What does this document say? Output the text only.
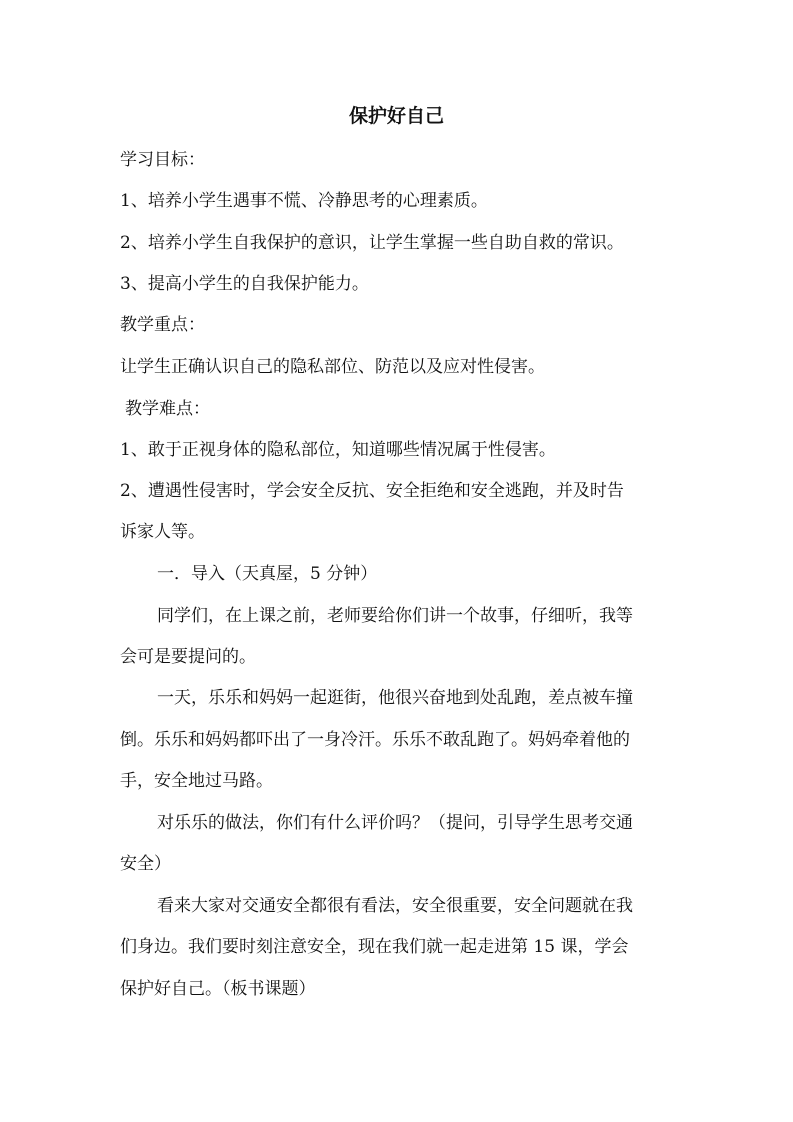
保护好自己

学习目标：

1、培养小学生遇事不慌、冷静思考的心理素质。

2、培养小学生自我保护的意识，让学生掌握一些自助自救的常识。

3、提高小学生的自我保护能力。

教学重点：

让学生正确认识自己的隐私部位、防范以及应对性侵害。

教学难点：

1、敢于正视身体的隐私部位，知道哪些情况属于性侵害。

2、遭遇性侵害时，学会安全反抗、安全拒绝和安全逃跑，并及时告

诉家人等。

一．导入（天真屋，5 分钟）

同学们，在上课之前，老师要给你们讲一个故事，仔细听，我等

会可是要提问的。

一天，乐乐和妈妈一起逛街，他很兴奋地到处乱跑，差点被车撞

倒。乐乐和妈妈都吓出了一身冷汗。乐乐不敢乱跑了。妈妈牵着他的

手，安全地过马路。

对乐乐的做法，你们有什么评价吗？（提问，引导学生思考交通

安全）

看来大家对交通安全都很有看法，安全很重要，安全问题就在我

们身边。我们要时刻注意安全，现在我们就一起走进第 15 课，学会

保护好自己。（板书课题）
